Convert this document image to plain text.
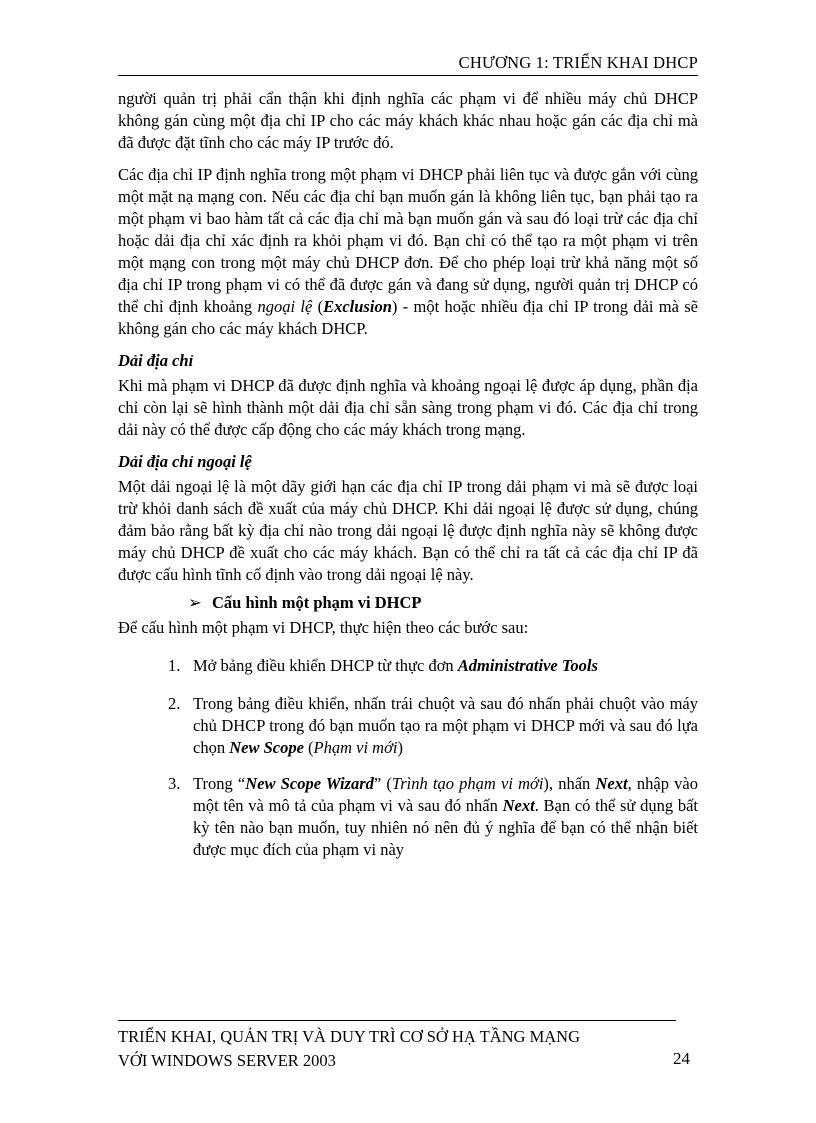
CHƯƠNG 1: TRIỂN KHAI DHCP

người quản trị phải cẩn thận khi định nghĩa các phạm vi để nhiều máy chủ DHCP không gán cùng một địa chỉ IP cho các máy khách khác nhau hoặc gán các địa chỉ mà đã được đặt tĩnh cho các máy IP trước đó.

Các địa chỉ IP định nghĩa trong một phạm vi DHCP phải liên tục và được gắn với cùng một mặt nạ mạng con. Nếu các địa chỉ bạn muốn gán là không liên tục, bạn phải tạo ra một phạm vi bao hàm tất cả các địa chỉ mà bạn muốn gán và sau đó loại trừ các địa chỉ hoặc dải địa chỉ xác định ra khỏi phạm vi đó. Bạn chỉ có thể tạo ra một phạm vi trên một mạng con trong một máy chủ DHCP đơn. Để cho phép loại trừ khả năng một số địa chỉ IP trong phạm vi có thể đã được gán và đang sử dụng, người quản trị DHCP có thể chỉ định khoảng ngoại lệ (Exclusion) - một hoặc nhiều địa chỉ IP trong dải mà sẽ không gán cho các máy khách DHCP.

Dải địa chỉ

Khi mà phạm vi DHCP đã được định nghĩa và khoảng ngoại lệ được áp dụng, phần địa chỉ còn lại sẽ hình thành một dải địa chỉ sẵn sàng trong phạm vi đó. Các địa chỉ trong dải này có thể được cấp động cho các máy khách trong mạng.

Dải địa chỉ ngoại lệ

Một dải ngoại lệ là một dãy giới hạn các địa chỉ IP trong dải phạm vi mà sẽ được loại trừ khỏi danh sách đề xuất của máy chủ DHCP. Khi dải ngoại lệ được sử dụng, chúng đảm bảo rằng bất kỳ địa chỉ nào trong dải ngoại lệ được định nghĩa này sẽ không được máy chủ DHCP đề xuất cho các máy khách. Bạn có thể chỉ ra tất cả các địa chỉ IP đã được cấu hình tĩnh cố định vào trong dải ngoại lệ này.

➢ Cấu hình một phạm vi DHCP

Để cấu hình một phạm vi DHCP, thực hiện theo các bước sau:

1. Mở bảng điều khiển DHCP từ thực đơn Administrative Tools
2. Trong bảng điều khiển, nhấn trái chuột và sau đó nhấn phải chuột vào máy chủ DHCP trong đó bạn muốn tạo ra một phạm vi DHCP mới và sau đó lựa chọn New Scope (Phạm vi mới)
3. Trong “New Scope Wizard” (Trình tạo phạm vi mới), nhấn Next, nhập vào một tên và mô tả của phạm vi và sau đó nhấn Next. Bạn có thể sử dụng bất kỳ tên nào bạn muốn, tuy nhiên nó nên đủ ý nghĩa để bạn có thể nhận biết được mục đích của phạm vi này
TRIỂN KHAI, QUẢN TRỊ VÀ DUY TRÌ CƠ SỞ HẠ TẦNG MẠNG
VỚI WINDOWS SERVER 2003	24
